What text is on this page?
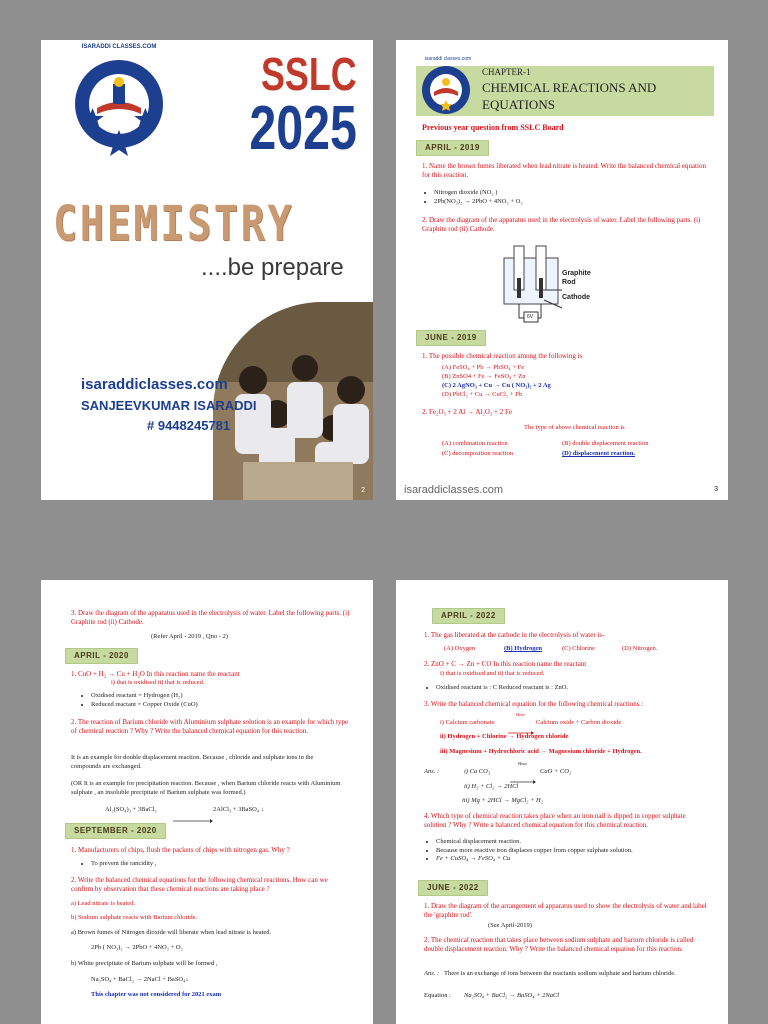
ISARADDI CLASSES.COM
SSLC
2025
CHEMISTRY
....be prepare
isaraddiclasses.com
SANJEEVKUMAR ISARADDI
# 9448245781
2
isaraddi classes.com
CHAPTER-1
CHEMICAL REACTIONS AND
EQUATIONS
Previous year question from SSLC Board
APRIL - 2019
1. Name the brown fumes liberated when lead nitrate is heated. Write the balanced chemical equation for this reaction.
• Nitrogen dioxide (NO₂ )
• 2Pb(NO₃)₂ → 2PbO + 4NO₂ + O₂
2. Draw the diagram of the apparatus used in the electrolysis of water. Label the following parts. (i) Graphite rod (ii) Cathode.
Graphite
Rod
Cathode
6V
JUNE - 2019
1. The possible chemical reaction among the following is
(A) FeSO₄ + Pb → PbSO₄ + Fe
(B) ZnSO4 + Fe → FeSO₄ + Zn
(C) 2 AgNO₃ + Cu → Cu ( NO₃)₂ + 2 Ag
(D) PbCl₂ + Cu → CuCl₂ + Pb
2. Fe₂O₃ + 2 Al → Al₂O₃ + 2 Fe
The type of above chemical reaction is
(A) combination reaction	(B) double displacement reaction
(C) decomposition reaction	(D) displacement reaction.
isaraddiclasses.com	3
3. Draw the diagram of the apparatus used in the electrolysis of water. Label the following parts. (i) Graphite rod (ii) Cathode.
(Refer April - 2019 , Qno - 2)
APRIL - 2020
1. CuO + H₂ → Cu + H₂O In this reaction name the reactant
i) that is oxidised ii) that is reduced.
• Oxidised reactant = Hydrogen (H₂)
• Reduced reactant = Copper Oxide (CuO)
2. The reaction of Barium chloride with Aluminium sulphate solution is an example for which type of chemical reaction ? Why ? Write the balanced chemical equation for this reaction.
It is an example for double displacement reaction. Because , chloride and sulphate ions in the compounds are exchanged.
(OR It is an example for precipitation reaction. Because , when Barium chloride reacts with Aluminium sulphate , an insoluble precipitate of Barium sulphate was formed.)
Al₂(SO₄)₃ + 3BaCl₂	2AlCl₃ + 3BaSO₄ ↓
SEPTEMBER - 2020
1. Manufacturers of chips, flush the packets of chips with nitrogen gas. Why ?
• To prevent the rancidity ,
2. Write the balanced chemical equations for the following chemical reactions. How can we confirm by observation that these chemical reactions are taking place ?
a) Lead nitrate is heated.
b) Sodium sulphate reacts with Barium chloride.
a) Brown fumes of Nitrogen dioxide will liberate when lead nitrate is heated.
2Pb ( NO₃)₂ → 2PbO + 4NO₂ + O₂
b) White precipitate of Barium sulphate will be formed ,
Na₂SO₄ + BaCl₂ → 2NaCl + BaSO₄↓
This chapter was not considered for 2021 exam
APRIL - 2022
1. The gas liberated at the cathode in the electrolysis of water is-
(A) Oxygen	(B) Hydrogen	(C) Chlorine	(D) Nitrogen.
2. ZnO + C → Zn + CO In this reaction name the reactant
i) that is oxidised and ii) that is reduced.
• Oxidised reactant is : C Reduced reactant is : ZnO.
3. Write the balanced chemical equation for the following chemical reactions :
i) Calcium carbonate
Heat
Calcium oxide + Carbon dioxide
ii) Hydrogen + Chlorine → Hydrogen chloride
iii) Magnesium + Hydrochloric acid → Magnesium chloride + Hydrogen.
Ans. :	i) Ca CO₃
Heat
CaO + CO₂
ii) H₂ + Cl₂ → 2HCl
iii) Mg + 2HCl → MgCl₂ + H₂
4. Which type of chemical reaction takes place when an iron nail is dipped in copper sulphate solution ? Why ? Write a balanced chemical equation for this chemical reaction.
• Chemical displacement reaction.
• Because more reactive iron displaces copper from copper sulphate solution.
• Fe + CuSO₄ → FeSO₄ + Cu
JUNE - 2022
1. Draw the diagram of the arrangement of apparatus used to show the electrolysis of water and label the 'graphite rod'.
(See April-2019)
2. The chemical reaction that takes place between sodium sulphate and barium chloride is called double displacement reaction. Why ? Write the balanced chemical equation for this reaction.
Ans. : There is an exchange of ions between the reactants sodium sulphate and barium chloride.
Equation : Na₂SO₄ + BaCl₂ → BaSO₄ + 2NaCl
